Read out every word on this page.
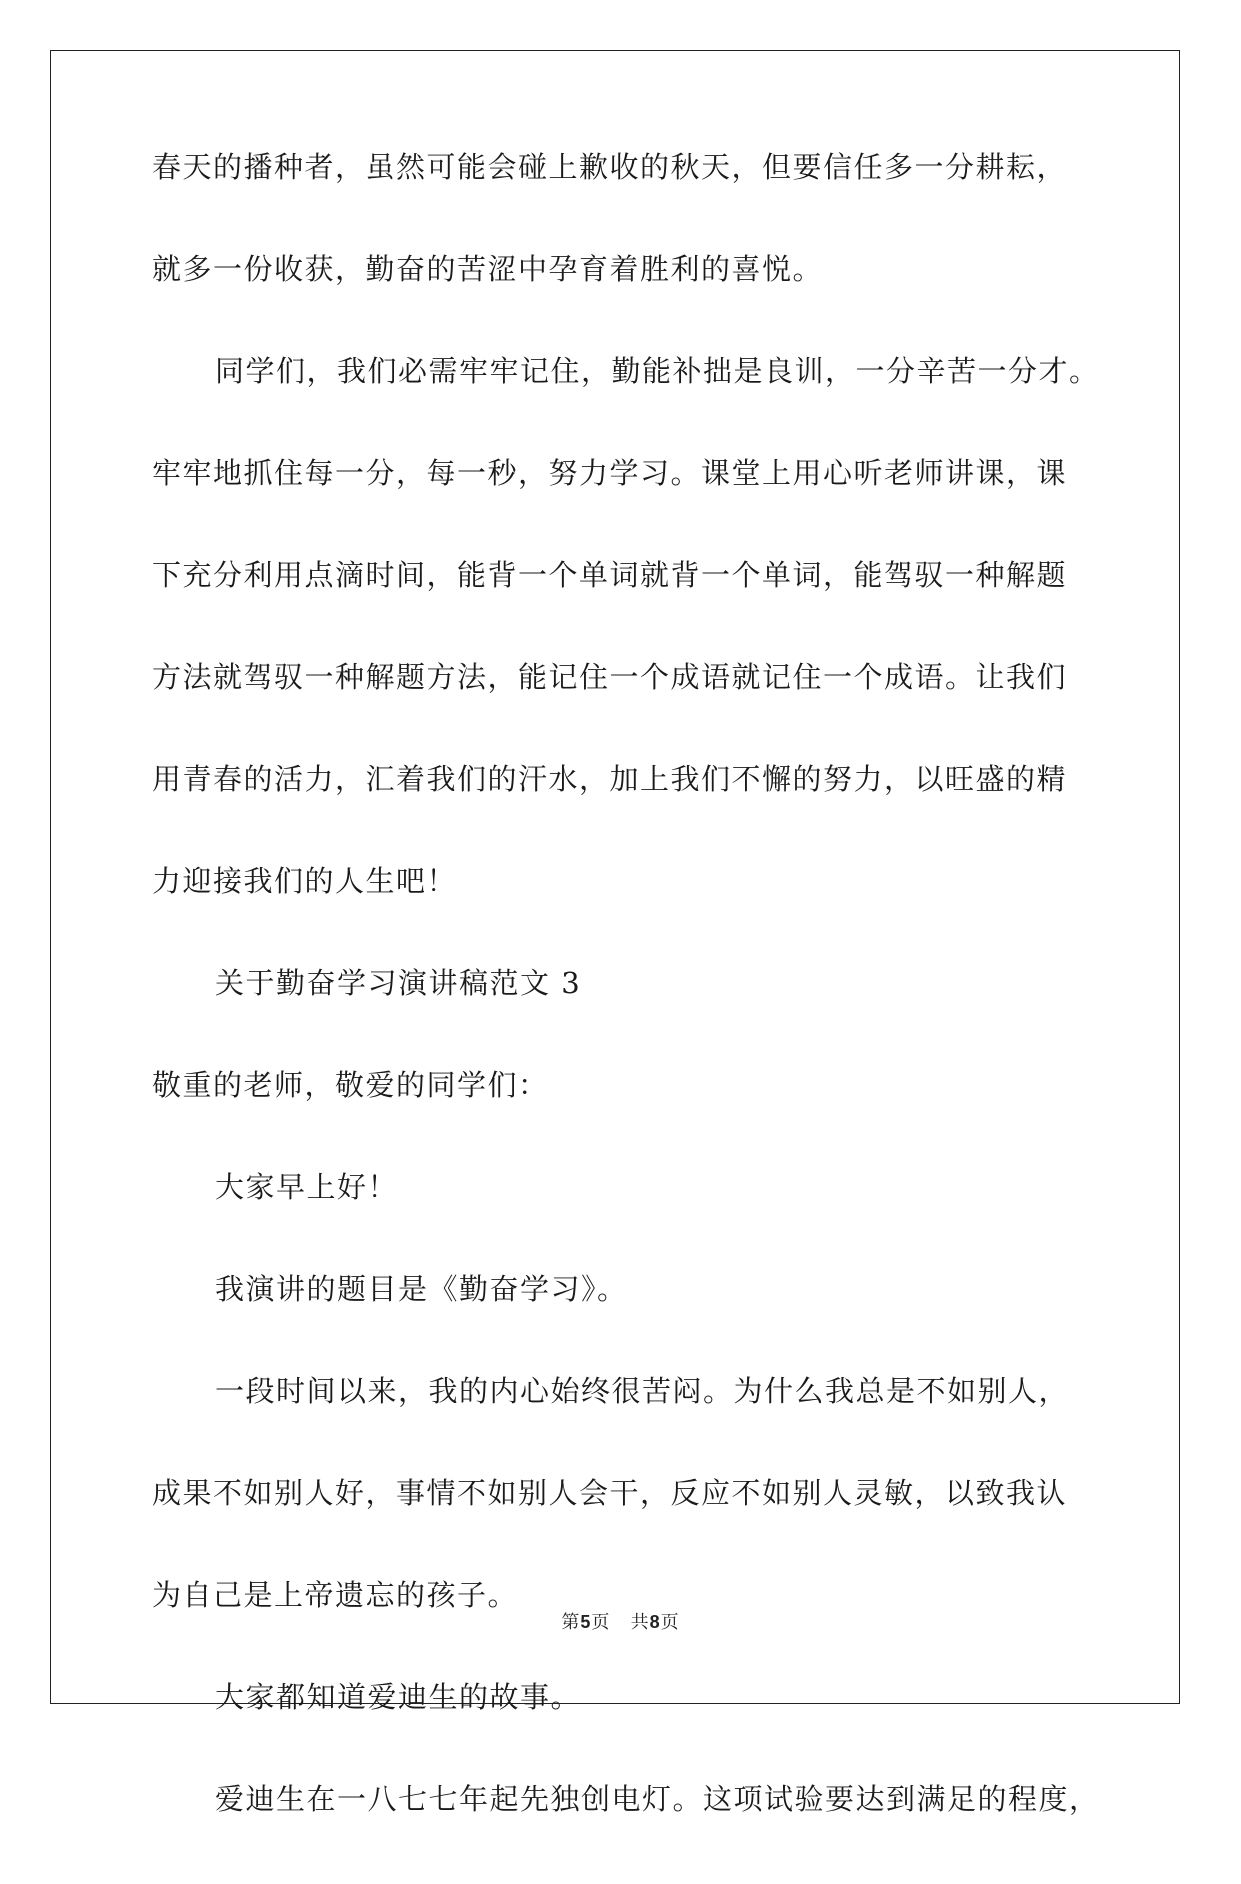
春天的播种者，虽然可能会碰上歉收的秋天，但要信任多一分耕耘，
就多一份收获，勤奋的苦涩中孕育着胜利的喜悦。
同学们，我们必需牢牢记住，勤能补拙是良训，一分辛苦一分才。
牢牢地抓住每一分，每一秒，努力学习。课堂上用心听老师讲课，课
下充分利用点滴时间，能背一个单词就背一个单词，能驾驭一种解题
方法就驾驭一种解题方法，能记住一个成语就记住一个成语。让我们
用青春的活力，汇着我们的汗水，加上我们不懈的努力，以旺盛的精
力迎接我们的人生吧！
关于勤奋学习演讲稿范文 3
敬重的老师，敬爱的同学们：
大家早上好！
我演讲的题目是《勤奋学习》。
一段时间以来，我的内心始终很苦闷。为什么我总是不如别人，
成果不如别人好，事情不如别人会干，反应不如别人灵敏，以致我认
为自己是上帝遗忘的孩子。
大家都知道爱迪生的故事。
爱迪生在一八七七年起先独创电灯。这项试验要达到满足的程度，
第5页   共8页
